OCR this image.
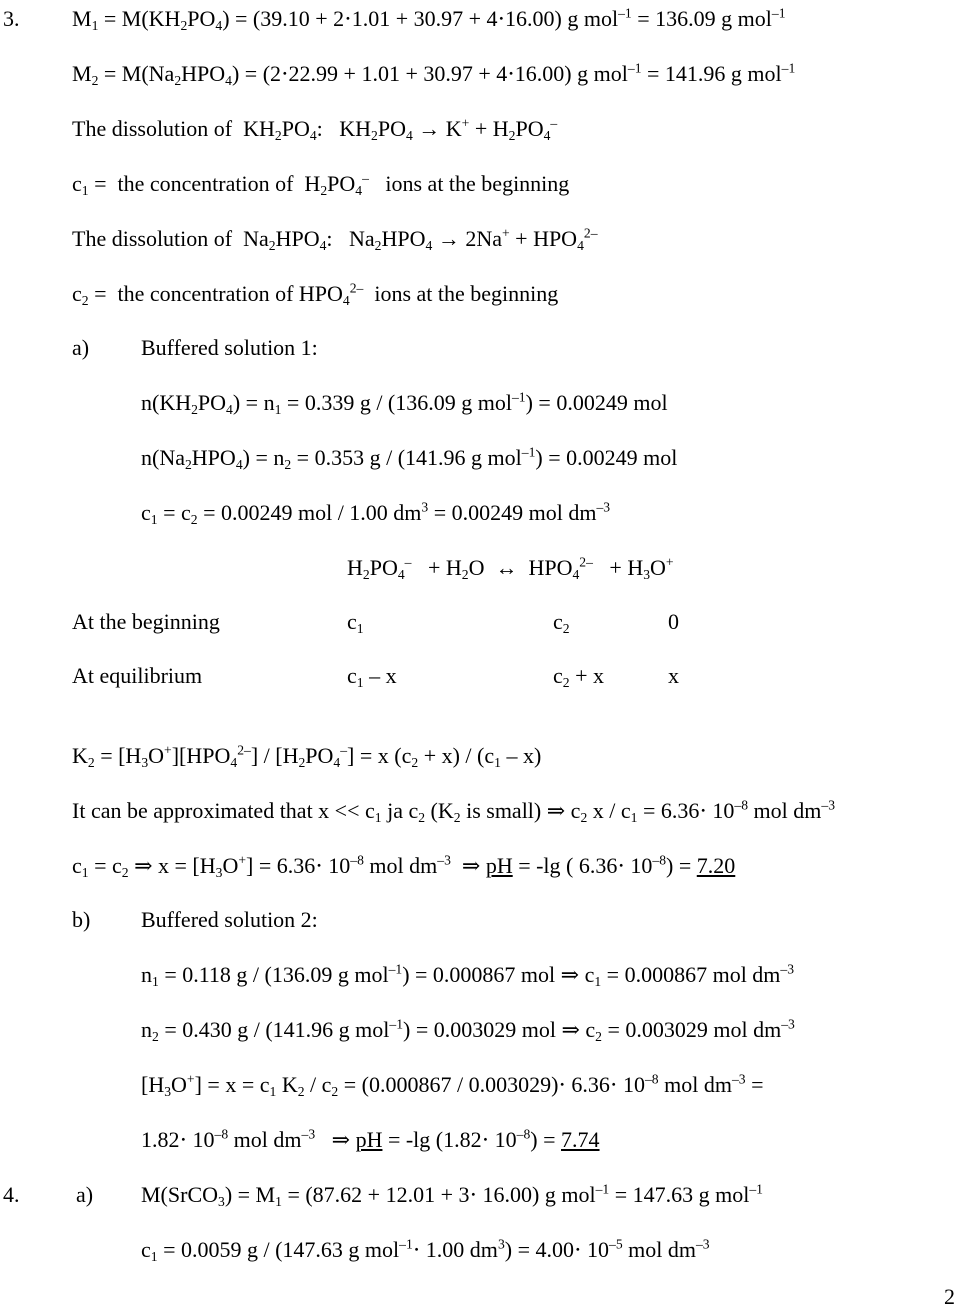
3. $M_1 = M(KH_2PO_4) = (39.10 + 2\cdot 1.01 + 30.97 + 4\cdot 16.00)$ g mol$^{-1}$ = 136.09 g mol$^{-1}$
$M_2 = M(Na_2HPO_4) = (2\cdot 22.99 + 1.01 + 30.97 + 4\cdot 16.00)$ g mol$^{-1}$ = 141.96 g mol$^{-1}$
The dissolution of  $KH_2PO_4$:   $KH_2PO_4 \to K^+ + H_2PO_4^-$
$c_1$ =  the concentration of  $H_2PO_4^-$   ions at the beginning
The dissolution of  $Na_2HPO_4$:   $Na_2HPO_4 \to 2Na^+ + HPO_4^{2-}$
$c_2$ =  the concentration of $HPO_4^{2-}$  ions at the beginning
a) Buffered solution 1:
$n(KH_2PO_4) = n_1 = 0.339$ g / (136.09 g mol$^{-1}$) = 0.00249 mol
$n(Na_2HPO_4) = n_2 = 0.353$ g / (141.96 g mol$^{-1}$) = 0.00249 mol
$c_1 = c_2 = 0.00249$ mol / 1.00 $dm^3 = 0.00249$ mol $dm^{-3}$
$H_2PO_4^- + H_2O$  ↔  $HPO_4^{2-} + H_3O^+$
At the beginning	$c_1$	$c_2$	0
At equilibrium	$c_1$ – x	$c_2 + x$	x
$K_2 = [H_3O^+][HPO_4^{2-}] / [H_2PO_4^-] = x$ $(c_2 + x) / (c_1 - x)$
It can be approximated that $x << c_1$ ja $c_2$ ($K_2$ is small) ⇒ $c_2$ $x / c_1 = 6.36\cdot 10^{-8}$ mol $dm^{-3}$
$c_1 = c_2$ ⇒ $x = [H_3O^+] = 6.36\cdot 10^{-8}$ mol $dm^{-3}$  ⇒ pH = -lg ( $6.36\cdot 10^{-8}) = 7.20$
b) Buffered solution 2:
$n_1 = 0.118$ g / (136.09 g mol$^{-1}$) = 0.000867 mol ⇒ $c_1 = 0.000867$ mol $dm^{-3}$
$n_2 = 0.430$ g / (141.96 g mol$^{-1}$) = 0.003029 mol ⇒ $c_2 = 0.003029$ mol $dm^{-3}$
$[H_3O^+] = x = c_1$ $K_2 / c_2 = (0.000867 / 0.003029)\cdot 6.36\cdot 10^{-8}$ mol $dm^{-3}$ =
$1.82\cdot 10^{-8}$ mol $dm^{-3}$   ⇒ pH = -lg $(1.82\cdot 10^{-8}) = 7.74$
4.	a) M(SrCO$_3$) = $M_1 = (87.62 + 12.01 + 3\cdot 16.00)$ g mol$^{-1}$ = 147.63 g mol$^{-1}$
$c_1 = 0.0059$ g / (147.63 g mol$^{-1}$⋅ 1.00 $dm^3) = 4.00\cdot 10^{-5}$ mol $dm^{-3}$
2
